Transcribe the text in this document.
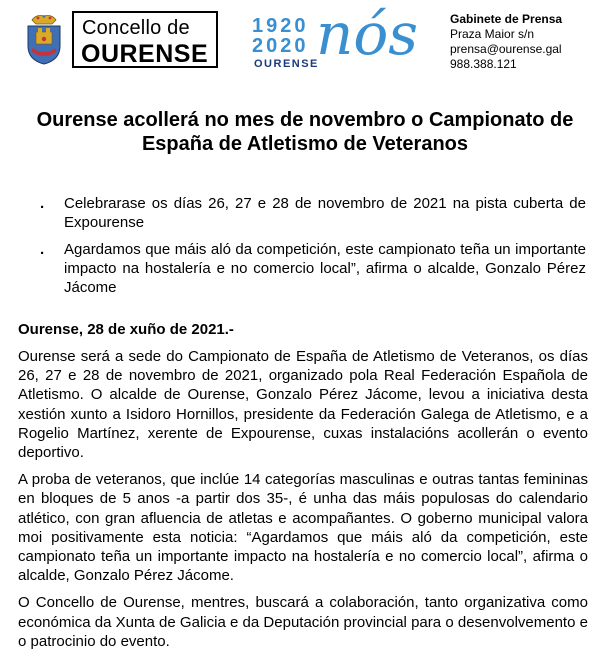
Concello de
OURENSE
1920
2020
OURENSE
nós	Gabinete de Prensa
Praza Maior s/n
prensa@ourense.gal
988.388.121
Ourense acollerá no mes de novembro o Campionato de España de Atletismo de Veteranos
. Celebrarase os días 26, 27 e 28 de novembro de 2021 na pista cuberta de Expourense
. Agardamos que máis aló da competición, este campionato teña un importante impacto na hostalería e no comercio local”, afirma o alcalde, Gonzalo Pérez Jácome

Ourense, 28 de xuño de 2021.-

Ourense será a sede do Campionato de España de Atletismo de Veteranos, os días 26, 27 e 28 de novembro de 2021, organizado pola Real Federación Española de Atletismo. O alcalde de Ourense, Gonzalo Pérez Jácome, levou a iniciativa desta xestión xunto a Isidoro Hornillos, presidente da Federación Galega de Atletismo, e a Rogelio Martínez, xerente de Expourense, cuxas instalacións acollerán o evento deportivo.

A proba de veteranos, que inclúe 14 categorías masculinas e outras tantas femininas en bloques de 5 anos -a partir dos 35-, é unha das máis populosas do calendario atlético, con gran afluencia de atletas e acompañantes. O goberno municipal valora moi positivamente esta noticia: “Agardamos que máis aló da competición, este campionato teña un importante impacto na hostalería e no comercio local”, afirma o alcalde, Gonzalo Pérez Jácome.

O Concello de Ourense, mentres, buscará a colaboración, tanto organizativa como económica da Xunta de Galicia e da Deputación provincial para o desenvolvemento e o patrocinio do evento.
